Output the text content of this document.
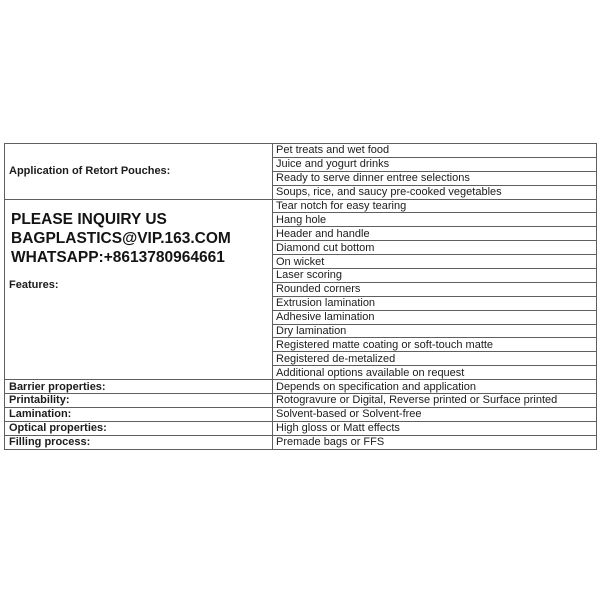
Application of Retort Pouches:	Pet treats and wet food
	Juice and yogurt drinks
	Ready to serve dinner entree selections
	Soups, rice, and saucy pre-cooked vegetables

PLEASE INQUIRY US
BAGPLASTICS@VIP.163.COM
WHATSAPP:+8613780964661
Features:	Tear notch for easy tearing
	Hang hole
	Header and handle
	Diamond cut bottom
	On wicket
	Laser scoring
	Rounded corners
	Extrusion lamination
	Adhesive lamination
	Dry lamination
	Registered matte coating or soft-touch matte
	Registered de-metalized
	Additional options available on request
Barrier properties:	Depends on specification and application
Printability:	Rotogravure or Digital, Reverse printed or Surface printed
Lamination:	Solvent-based or Solvent-free
Optical properties:	High gloss or Matt effects
Filling process:	Premade bags or FFS
